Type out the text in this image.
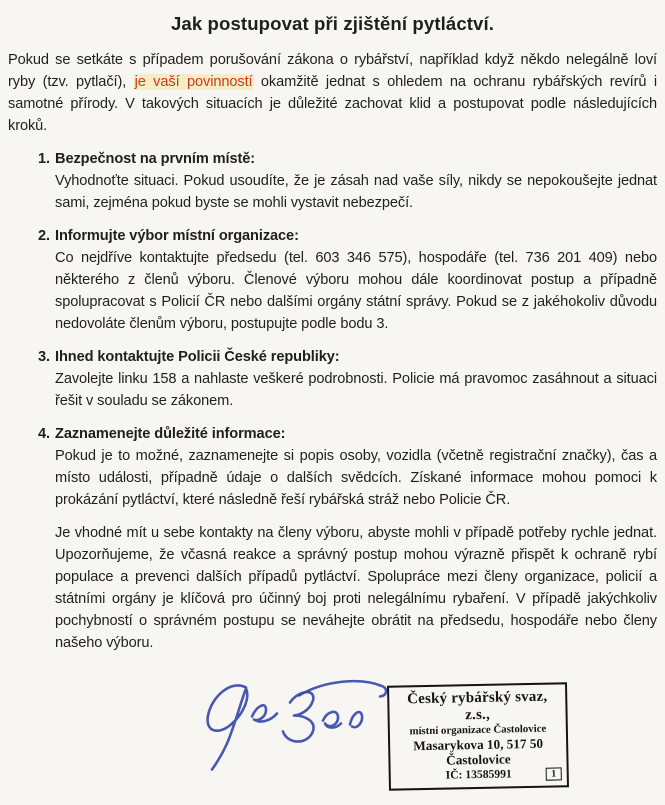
Jak postupovat při zjištění pytláctví.

Pokud se setkáte s případem porušování zákona o rybářství, například když někdo nelegálně loví ryby (tzv. pytlačí), je vaší povinností okamžitě jednat s ohledem na ochranu rybářských revírů i samotné přírody. V takových situacích je důležité zachovat klid a postupovat podle následujících kroků.

1. Bezpečnost na prvním místě:
Vyhodnoťte situaci. Pokud usoudíte, že je zásah nad vaše síly, nikdy se nepokoušejte jednat sami, zejména pokud byste se mohli vystavit nebezpečí.
2. Informujte výbor místní organizace:
Co nejdříve kontaktujte předsedu (tel. 603 346 575), hospodáře (tel. 736 201 409) nebo některého z členů výboru. Členové výboru mohou dále koordinovat postup a případně spolupracovat s Policií ČR nebo dalšími orgány státní správy. Pokud se z jakéhokoliv důvodu nedovoláte členům výboru, postupujte podle bodu 3.
3. Ihned kontaktujte Policii České republiky:
Zavolejte linku 158 a nahlaste veškeré podrobnosti. Policie má pravomoc zasáhnout a situaci řešit v souladu se zákonem.
4. Zaznamenejte důležité informace:
Pokud je to možné, zaznamenejte si popis osoby, vozidla (včetně registrační značky), čas a místo události, případně údaje o dalších svědcích. Získané informace mohou pomoci k prokázání pytláctví, které následně řeší rybářská stráž nebo Policie ČR.

Je vhodné mít u sebe kontakty na členy výboru, abyste mohli v případě potřeby rychle jednat. Upozorňujeme, že včasná reakce a správný postup mohou výrazně přispět k ochraně rybí populace a prevenci dalších případů pytláctví. Spolupráce mezi členy organizace, policií a státními orgány je klíčová pro účinný boj proti nelegálnímu rybaření. V případě jakýchkoliv pochybností o správném postupu se neváhejte obrátit na předsedu, hospodáře nebo členy našeho výboru.

Český rybářský svaz, z.s.,
místní organizace Častolovice
Masarykova 10, 517 50 Častolovice
IČ: 13585991	1
